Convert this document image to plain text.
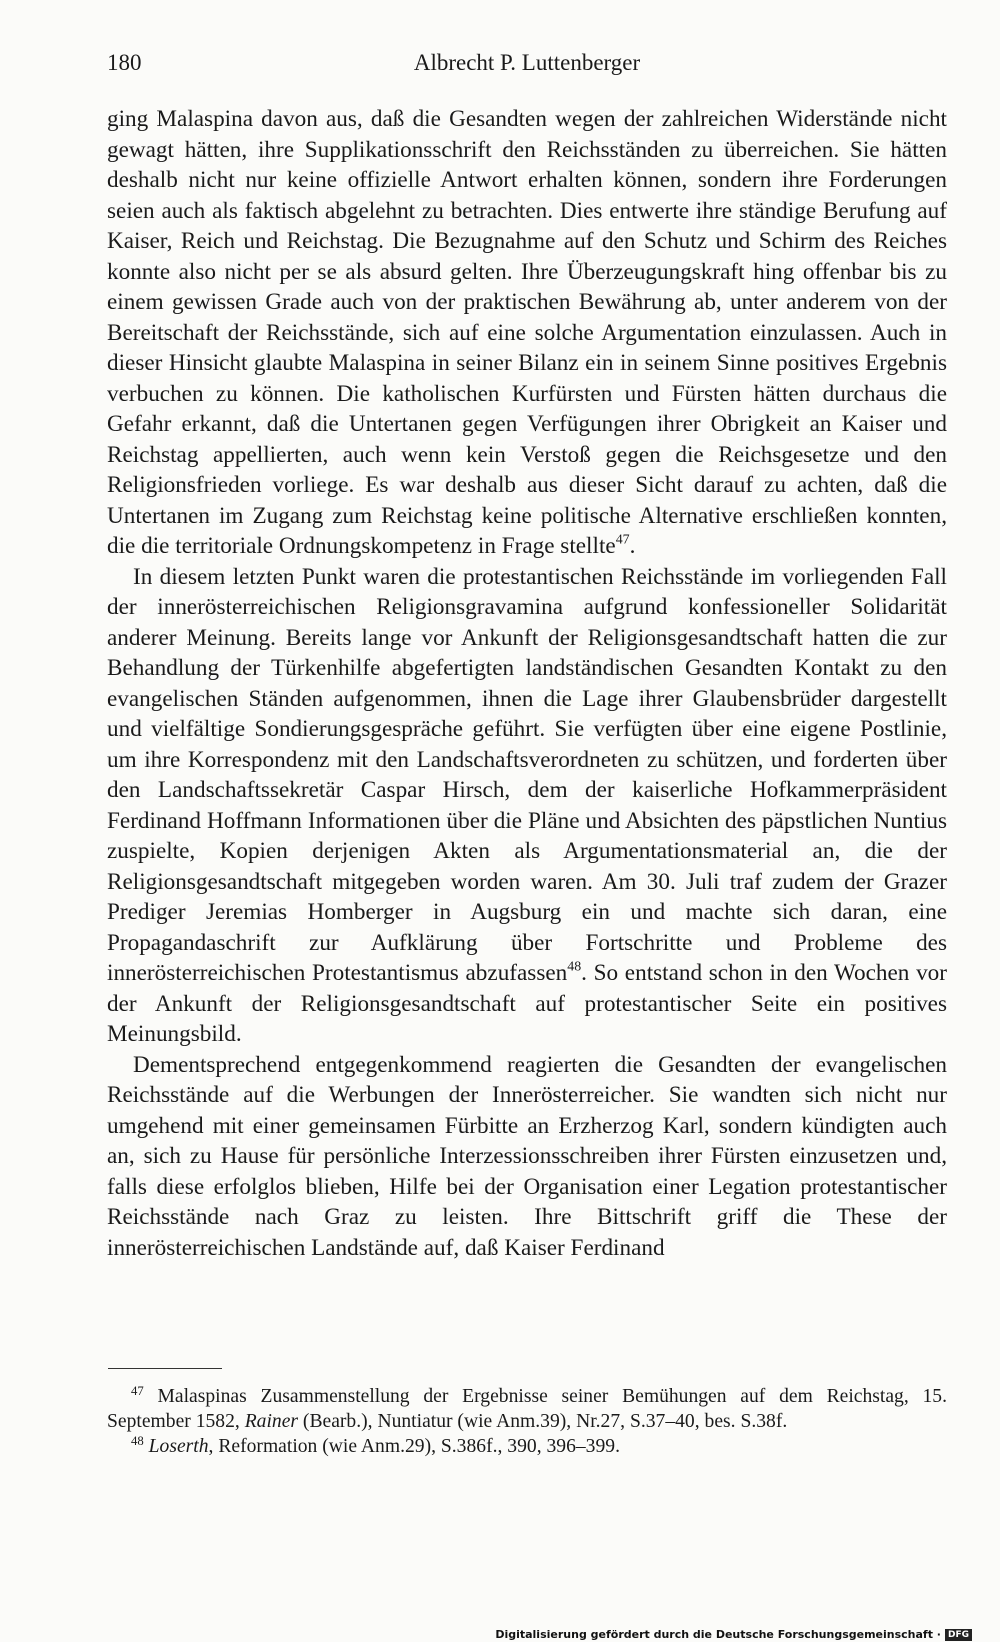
180	Albrecht P. Luttenberger

ging Malaspina davon aus, daß die Gesandten wegen der zahlreichen Widerstände nicht gewagt hätten, ihre Supplikationsschrift den Reichsständen zu überreichen. Sie hätten deshalb nicht nur keine offizielle Antwort erhalten können, sondern ihre Forderungen seien auch als faktisch abgelehnt zu betrachten. Dies entwerte ihre ständige Berufung auf Kaiser, Reich und Reichstag. Die Bezugnahme auf den Schutz und Schirm des Reiches konnte also nicht per se als absurd gelten. Ihre Überzeugungskraft hing offenbar bis zu einem gewissen Grade auch von der praktischen Bewährung ab, unter anderem von der Bereitschaft der Reichsstände, sich auf eine solche Argumentation einzulassen. Auch in dieser Hinsicht glaubte Malaspina in seiner Bilanz ein in seinem Sinne positives Ergebnis verbuchen zu können. Die katholischen Kurfürsten und Fürsten hätten durchaus die Gefahr erkannt, daß die Untertanen gegen Verfügungen ihrer Obrigkeit an Kaiser und Reichstag appellierten, auch wenn kein Verstoß gegen die Reichsgesetze und den Religionsfrieden vorliege. Es war deshalb aus dieser Sicht darauf zu achten, daß die Untertanen im Zugang zum Reichstag keine politische Alternative erschließen konnten, die die territoriale Ordnungskompetenz in Frage stellte$^{47}$.

In diesem letzten Punkt waren die protestantischen Reichsstände im vorliegenden Fall der innerösterreichischen Religionsgravamina aufgrund konfessioneller Solidarität anderer Meinung. Bereits lange vor Ankunft der Religionsgesandtschaft hatten die zur Behandlung der Türkenhilfe abgefertigten landständischen Gesandten Kontakt zu den evangelischen Ständen aufgenommen, ihnen die Lage ihrer Glaubensbrüder dargestellt und vielfältige Sondierungsgespräche geführt. Sie verfügten über eine eigene Postlinie, um ihre Korrespondenz mit den Landschaftsverordneten zu schützen, und forderten über den Landschaftssekretär Caspar Hirsch, dem der kaiserliche Hofkammerpräsident Ferdinand Hoffmann Informationen über die Pläne und Absichten des päpstlichen Nuntius zuspielte, Kopien derjenigen Akten als Argumentationsmaterial an, die der Religionsgesandtschaft mitgegeben worden waren. Am 30. Juli traf zudem der Grazer Prediger Jeremias Homberger in Augsburg ein und machte sich daran, eine Propagandaschrift zur Aufklärung über Fortschritte und Probleme des innerösterreichischen Protestantismus abzufassen$^{48}$. So entstand schon in den Wochen vor der Ankunft der Religionsgesandtschaft auf protestantischer Seite ein positives Meinungsbild.

Dementsprechend entgegenkommend reagierten die Gesandten der evangelischen Reichsstände auf die Werbungen der Innerösterreicher. Sie wandten sich nicht nur umgehend mit einer gemeinsamen Fürbitte an Erzherzog Karl, sondern kündigten auch an, sich zu Hause für persönliche Interzessionsschreiben ihrer Fürsten einzusetzen und, falls diese erfolglos blieben, Hilfe bei der Organisation einer Legation protestantischer Reichsstände nach Graz zu leisten. Ihre Bittschrift griff die These der innerösterreichischen Landstände auf, daß Kaiser Ferdinand

$^{47}$ Malaspinas Zusammenstellung der Ergebnisse seiner Bemühungen auf dem Reichstag, 15. September 1582, Rainer (Bearb.), Nuntiatur (wie Anm.39), Nr.27, S.37–40, bes. S.38f.

$^{48}$ Loserth, Reformation (wie Anm.29), S.386f., 390, 396–399.

Digitalisierung gefördert durch die Deutsche Forschungsgemeinschaft · DFG
